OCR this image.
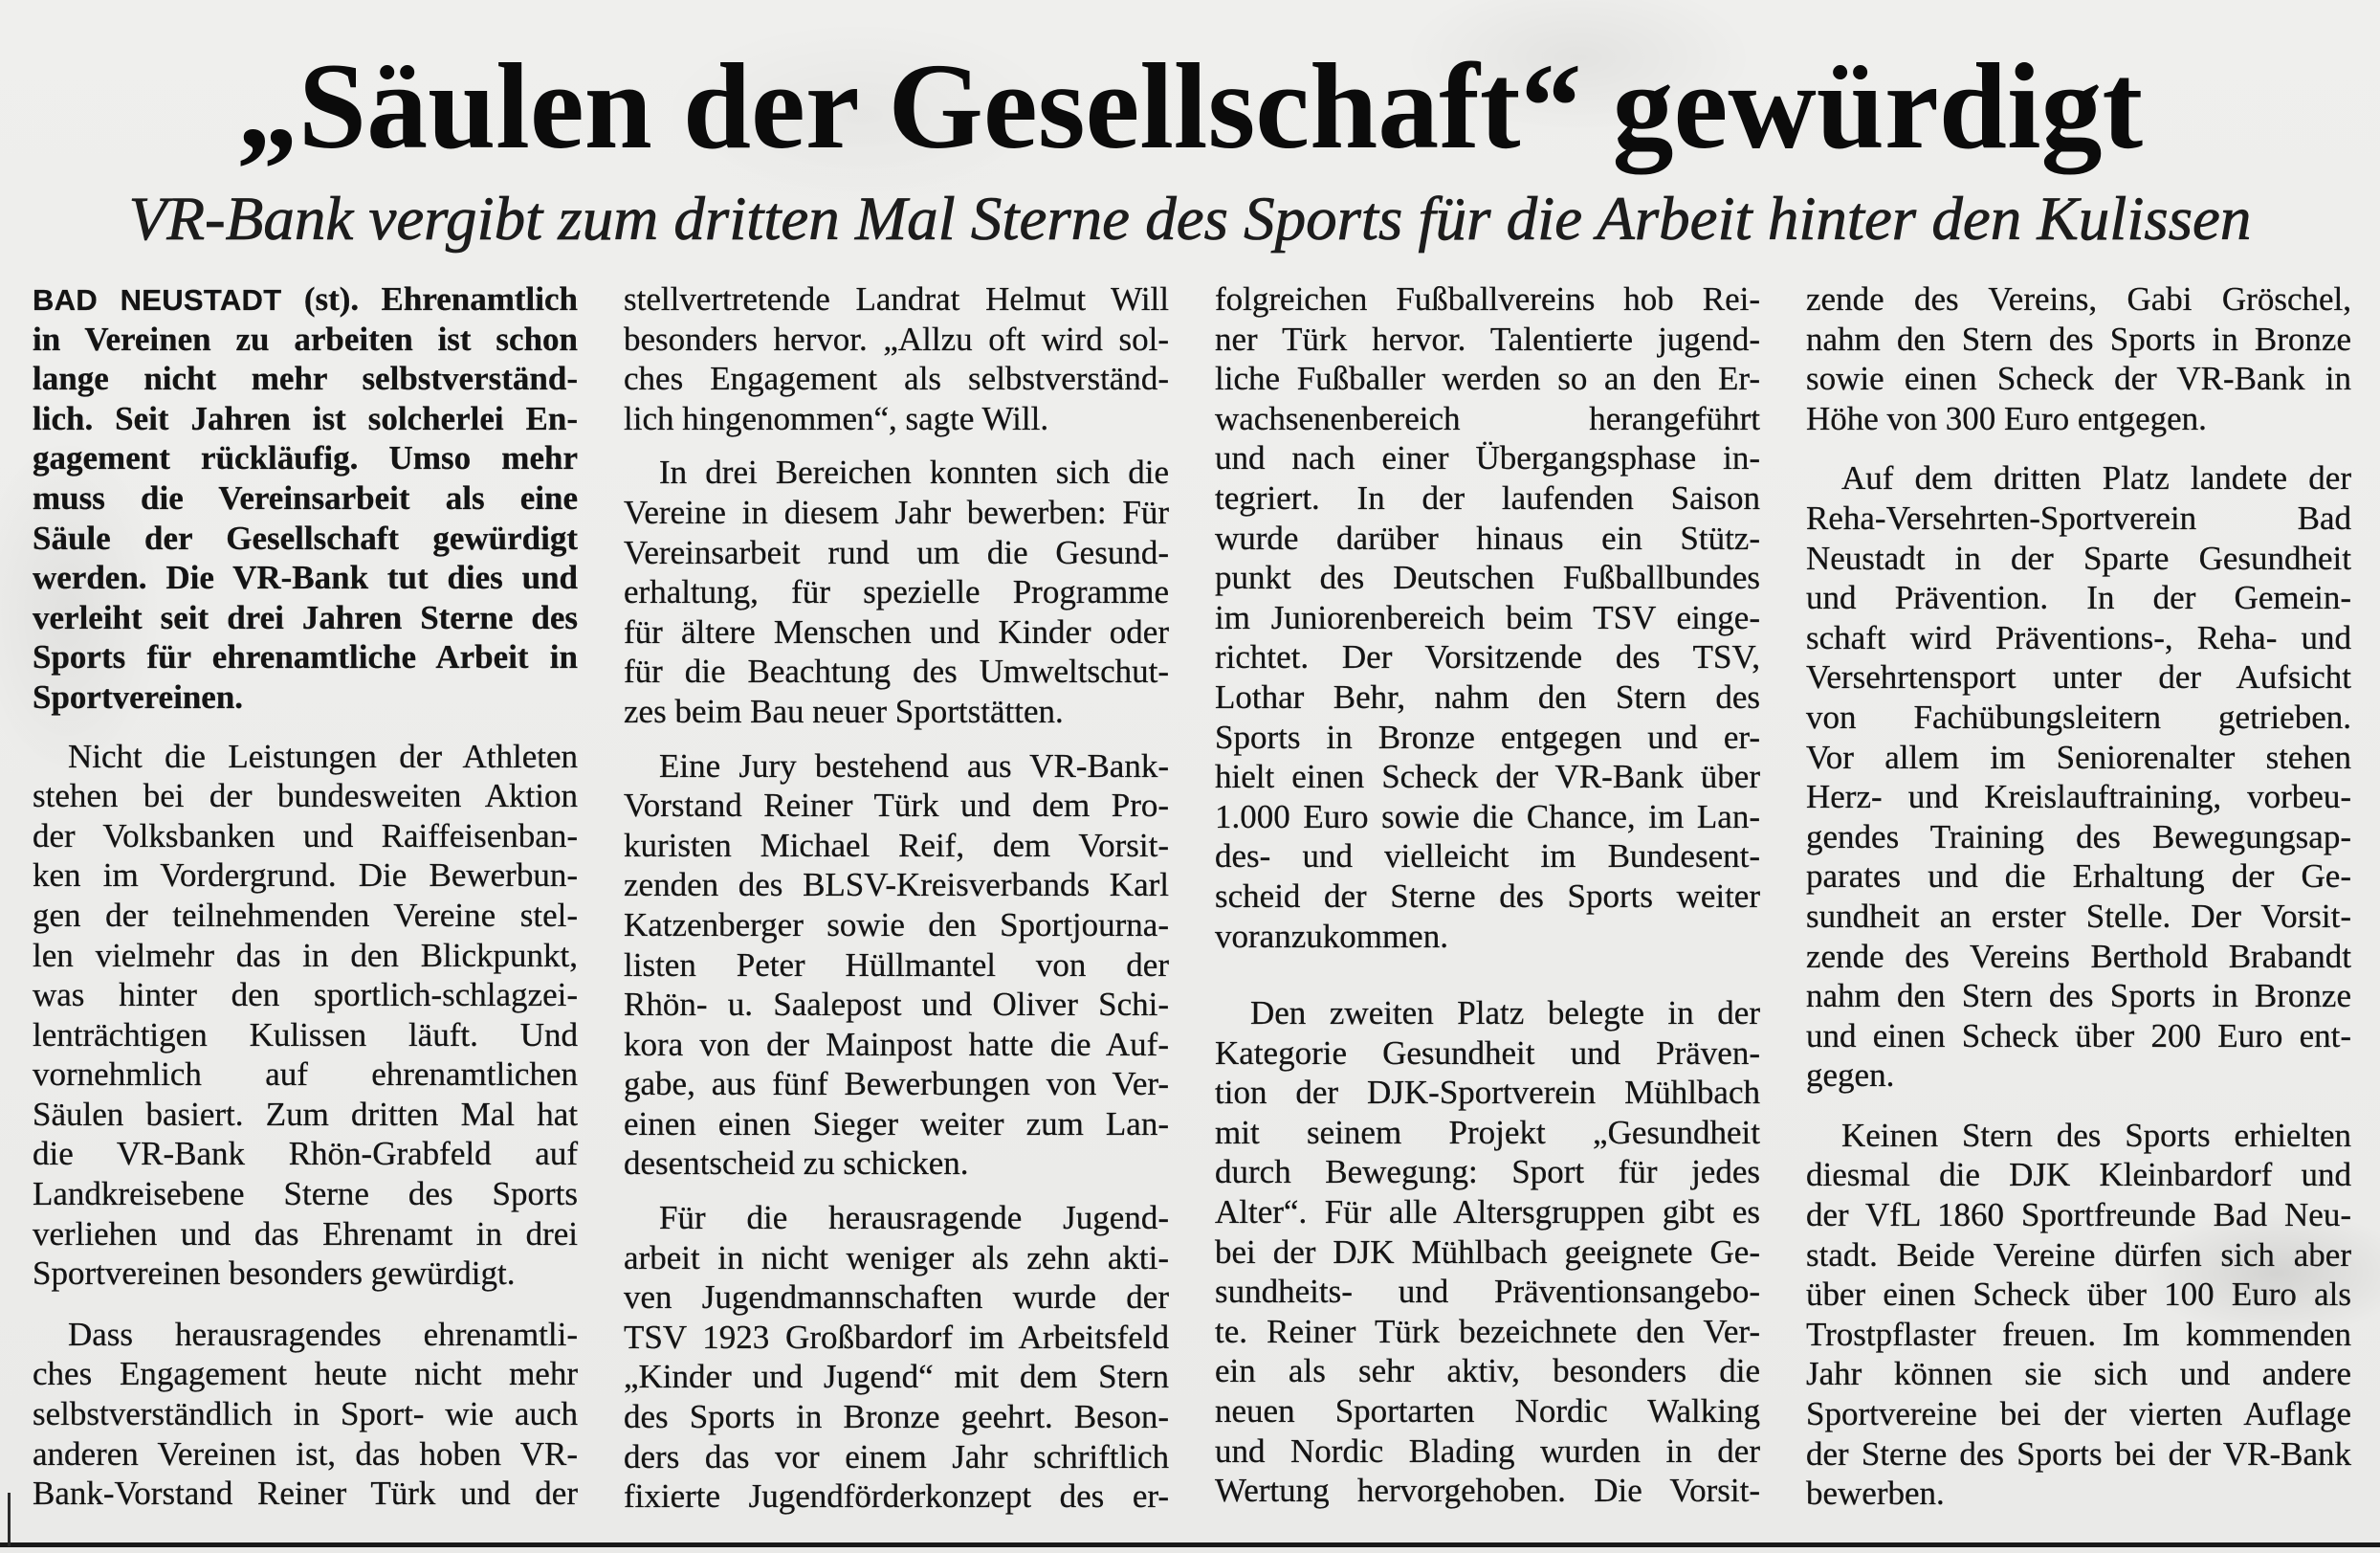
„Säulen der Gesellschaft“ gewürdigt
VR-Bank vergibt zum dritten Mal Sterne des Sports für die Arbeit hinter den Kulissen
BAD NEUSTADT (st). Ehrenamtlich
in Vereinen zu arbeiten ist schon
lange nicht mehr selbstverständ-
lich. Seit Jahren ist solcherlei En-
gagement rückläufig. Umso mehr
muss die Vereinsarbeit als eine
Säule der Gesellschaft gewürdigt
werden. Die VR-Bank tut dies und
verleiht seit drei Jahren Sterne des
Sports für ehrenamtliche Arbeit in
Sportvereinen.
Nicht die Leistungen der Athleten
stehen bei der bundesweiten Aktion
der Volksbanken und Raiffeisenban-
ken im Vordergrund. Die Bewerbun-
gen der teilnehmenden Vereine stel-
len vielmehr das in den Blickpunkt,
was hinter den sportlich-schlagzei-
lenträchtigen Kulissen läuft. Und
vornehmlich auf ehrenamtlichen
Säulen basiert. Zum dritten Mal hat
die VR-Bank Rhön-Grabfeld auf
Landkreisebene Sterne des Sports
verliehen und das Ehrenamt in drei
Sportvereinen besonders gewürdigt.
Dass herausragendes ehrenamtli-
ches Engagement heute nicht mehr
selbstverständlich in Sport- wie auch
anderen Vereinen ist, das hoben VR-
Bank-Vorstand Reiner Türk und der
stellvertretende Landrat Helmut Will
besonders hervor. „Allzu oft wird sol-
ches Engagement als selbstverständ-
lich hingenommen“, sagte Will.
In drei Bereichen konnten sich die
Vereine in diesem Jahr bewerben: Für
Vereinsarbeit rund um die Gesund-
erhaltung, für spezielle Programme
für ältere Menschen und Kinder oder
für die Beachtung des Umweltschut-
zes beim Bau neuer Sportstätten.
Eine Jury bestehend aus VR-Bank-
Vorstand Reiner Türk und dem Pro-
kuristen Michael Reif, dem Vorsit-
zenden des BLSV-Kreisverbands Karl
Katzenberger sowie den Sportjourna-
listen Peter Hüllmantel von der
Rhön- u. Saalepost und Oliver Schi-
kora von der Mainpost hatte die Auf-
gabe, aus fünf Bewerbungen von Ver-
einen einen Sieger weiter zum Lan-
desentscheid zu schicken.
Für die herausragende Jugend-
arbeit in nicht weniger als zehn akti-
ven Jugendmannschaften wurde der
TSV 1923 Großbardorf im Arbeitsfeld
„Kinder und Jugend“ mit dem Stern
des Sports in Bronze geehrt. Beson-
ders das vor einem Jahr schriftlich
fixierte Jugendförderkonzept des er-
folgreichen Fußballvereins hob Rei-
ner Türk hervor. Talentierte jugend-
liche Fußballer werden so an den Er-
wachsenenbereich herangeführt
und nach einer Übergangsphase in-
tegriert. In der laufenden Saison
wurde darüber hinaus ein Stütz-
punkt des Deutschen Fußballbundes
im Juniorenbereich beim TSV einge-
richtet. Der Vorsitzende des TSV,
Lothar Behr, nahm den Stern des
Sports in Bronze entgegen und er-
hielt einen Scheck der VR-Bank über
1.000 Euro sowie die Chance, im Lan-
des- und vielleicht im Bundesent-
scheid der Sterne des Sports weiter
voranzukommen.
Den zweiten Platz belegte in der
Kategorie Gesundheit und Präven-
tion der DJK-Sportverein Mühlbach
mit seinem Projekt „Gesundheit
durch Bewegung: Sport für jedes
Alter“. Für alle Altersgruppen gibt es
bei der DJK Mühlbach geeignete Ge-
sundheits- und Präventionsangebo-
te. Reiner Türk bezeichnete den Ver-
ein als sehr aktiv, besonders die
neuen Sportarten Nordic Walking
und Nordic Blading wurden in der
Wertung hervorgehoben. Die Vorsit-
zende des Vereins, Gabi Gröschel,
nahm den Stern des Sports in Bronze
sowie einen Scheck der VR-Bank in
Höhe von 300 Euro entgegen.
Auf dem dritten Platz landete der
Reha-Versehrten-Sportverein Bad
Neustadt in der Sparte Gesundheit
und Prävention. In der Gemein-
schaft wird Präventions-, Reha- und
Versehrtensport unter der Aufsicht
von Fachübungsleitern getrieben.
Vor allem im Seniorenalter stehen
Herz- und Kreislauftraining, vorbeu-
gendes Training des Bewegungsap-
parates und die Erhaltung der Ge-
sundheit an erster Stelle. Der Vorsit-
zende des Vereins Berthold Brabandt
nahm den Stern des Sports in Bronze
und einen Scheck über 200 Euro ent-
gegen.
Keinen Stern des Sports erhielten
diesmal die DJK Kleinbardorf und
der VfL 1860 Sportfreunde Bad Neu-
stadt. Beide Vereine dürfen sich aber
über einen Scheck über 100 Euro als
Trostpflaster freuen. Im kommenden
Jahr können sie sich und andere
Sportvereine bei der vierten Auflage
der Sterne des Sports bei der VR-Bank
bewerben.
